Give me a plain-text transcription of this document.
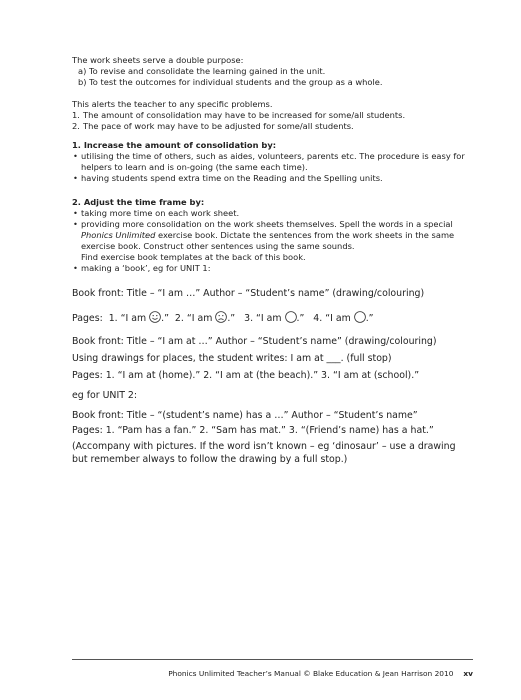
The work sheets serve a double purpose:

a) To revise and consolidate the learning gained in the unit.

b) To test the outcomes for individual students and the group as a whole.

This alerts the teacher to any specific problems.

1. The amount of consolidation may have to be increased for some/all students.
2. The pace of work may have to be adjusted for some/all students.

1. Increase the amount of consolidation by:

• utilising the time of others, such as aides, volunteers, parents etc. The procedure is easy for helpers to learn and is on-going (the same each time).
• having students spend extra time on the Reading and the Spelling units.

2. Adjust the time frame by:

• taking more time on each work sheet.
• providing more consolidation on the work sheets themselves. Spell the words in a special Phonics Unlimited exercise book. Dictate the sentences from the work sheets in the same exercise book. Construct other sentences using the same sounds.

Find exercise book templates at the back of this book.

• making a ‘book’, eg for UNIT 1:
Book front: Title – “I am …” Author – “Student’s name” (drawing/colouring)
Pages: 1. “I am .” 2. “I am .” 3. “I am .” 4. “I am .”
Book front: Title – “I am at …” Author – “Student’s name” (drawing/colouring)
Using drawings for places, the student writes: I am at ___. (full stop)
Pages: 1. “I am at (home).” 2. “I am at (the beach).” 3. “I am at (school).”
eg for UNIT 2:
Book front: Title – “(student’s name) has a …” Author – “Student’s name”
Pages: 1. “Pam has a fan.” 2. “Sam has mat.” 3. “(Friend’s name) has a hat.”
(Accompany with pictures. If the word isn’t known – eg ‘dinosaur’ – use a drawing but remember always to follow the drawing by a full stop.)
Phonics Unlimited Teacher’s Manual © Blake Education & Jean Harrison 2010 xv
